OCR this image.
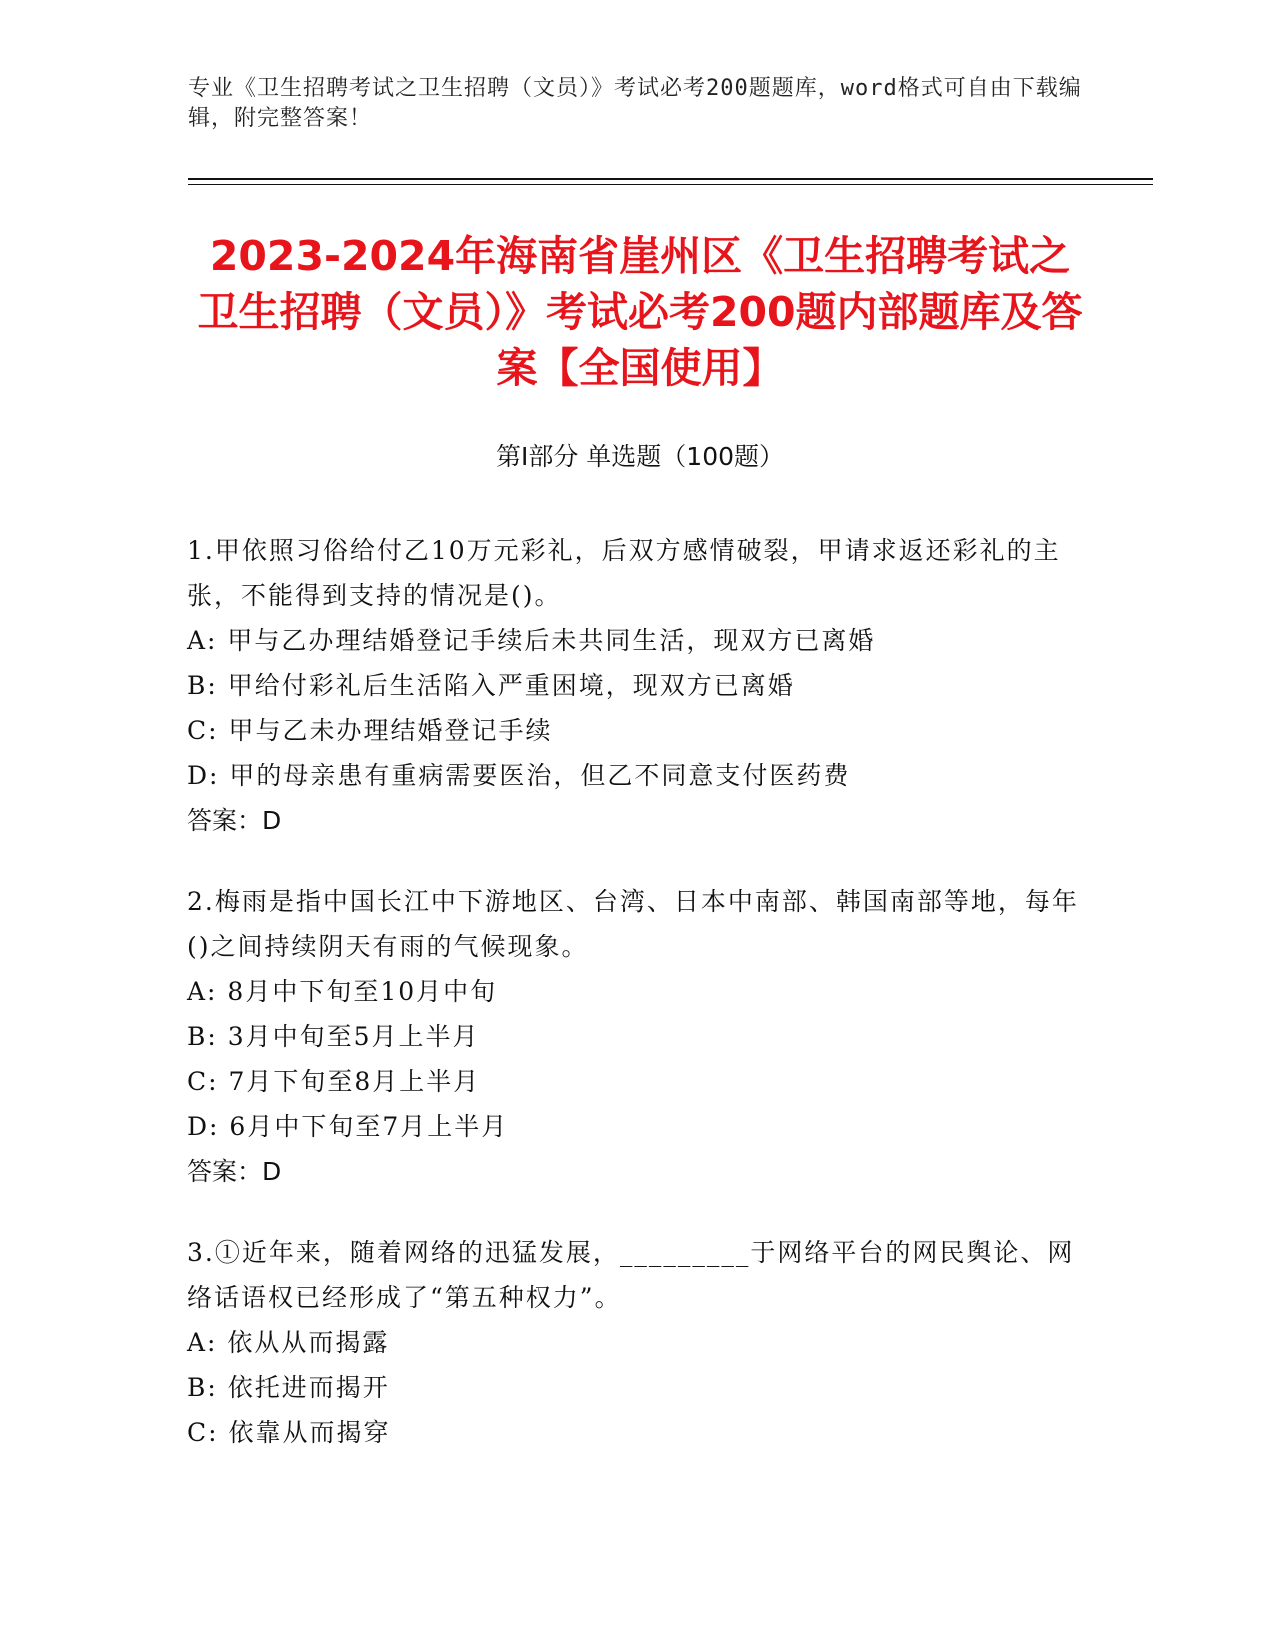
专业《卫生招聘考试之卫生招聘（文员）》考试必考200题题库，word格式可自由下载编辑，附完整答案！
2023-2024年海南省崖州区《卫生招聘考试之卫生招聘（文员）》考试必考200题内部题库及答案【全国使用】
第Ⅰ部分 单选题（100题）

1.甲依照习俗给付乙10万元彩礼，后双方感情破裂，甲请求返还彩礼的主张，不能得到支持的情况是()。

A: 甲与乙办理结婚登记手续后未共同生活，现双方已离婚

B: 甲给付彩礼后生活陷入严重困境，现双方已离婚

C: 甲与乙未办理结婚登记手续

D: 甲的母亲患有重病需要医治，但乙不同意支付医药费

答案：D

2.梅雨是指中国长江中下游地区、台湾、日本中南部、韩国南部等地，每年()之间持续阴天有雨的气候现象。

A: 8月中下旬至10月中旬

B: 3月中旬至5月上半月

C: 7月下旬至8月上半月

D: 6月中下旬至7月上半月

答案：D

3.①近年来，随着网络的迅猛发展，_________于网络平台的网民舆论、网络话语权已经形成了“第五种权力”。

A: 依从从而揭露

B: 依托进而揭开

C: 依靠从而揭穿
